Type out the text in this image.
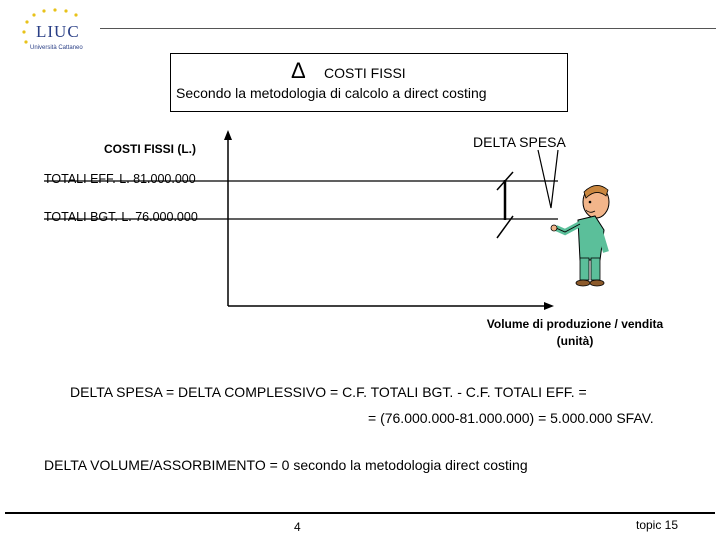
LIUC
Università Cattaneo
Δ COSTI FISSI
Secondo la metodologia di calcolo a direct costing
COSTI FISSI (L.)	DELTA SPESA
TOTALI EFF. L. 81.000.000
TOTALI BGT. L. 76.000.000
Volume di produzione / vendita
(unità)
DELTA SPESA = DELTA COMPLESSIVO = C.F. TOTALI BGT. - C.F. TOTALI EFF. =
= (76.000.000-81.000.000) = 5.000.000 SFAV.
DELTA VOLUME/ASSORBIMENTO = 0 secondo la metodologia direct costing
4	topic 15
